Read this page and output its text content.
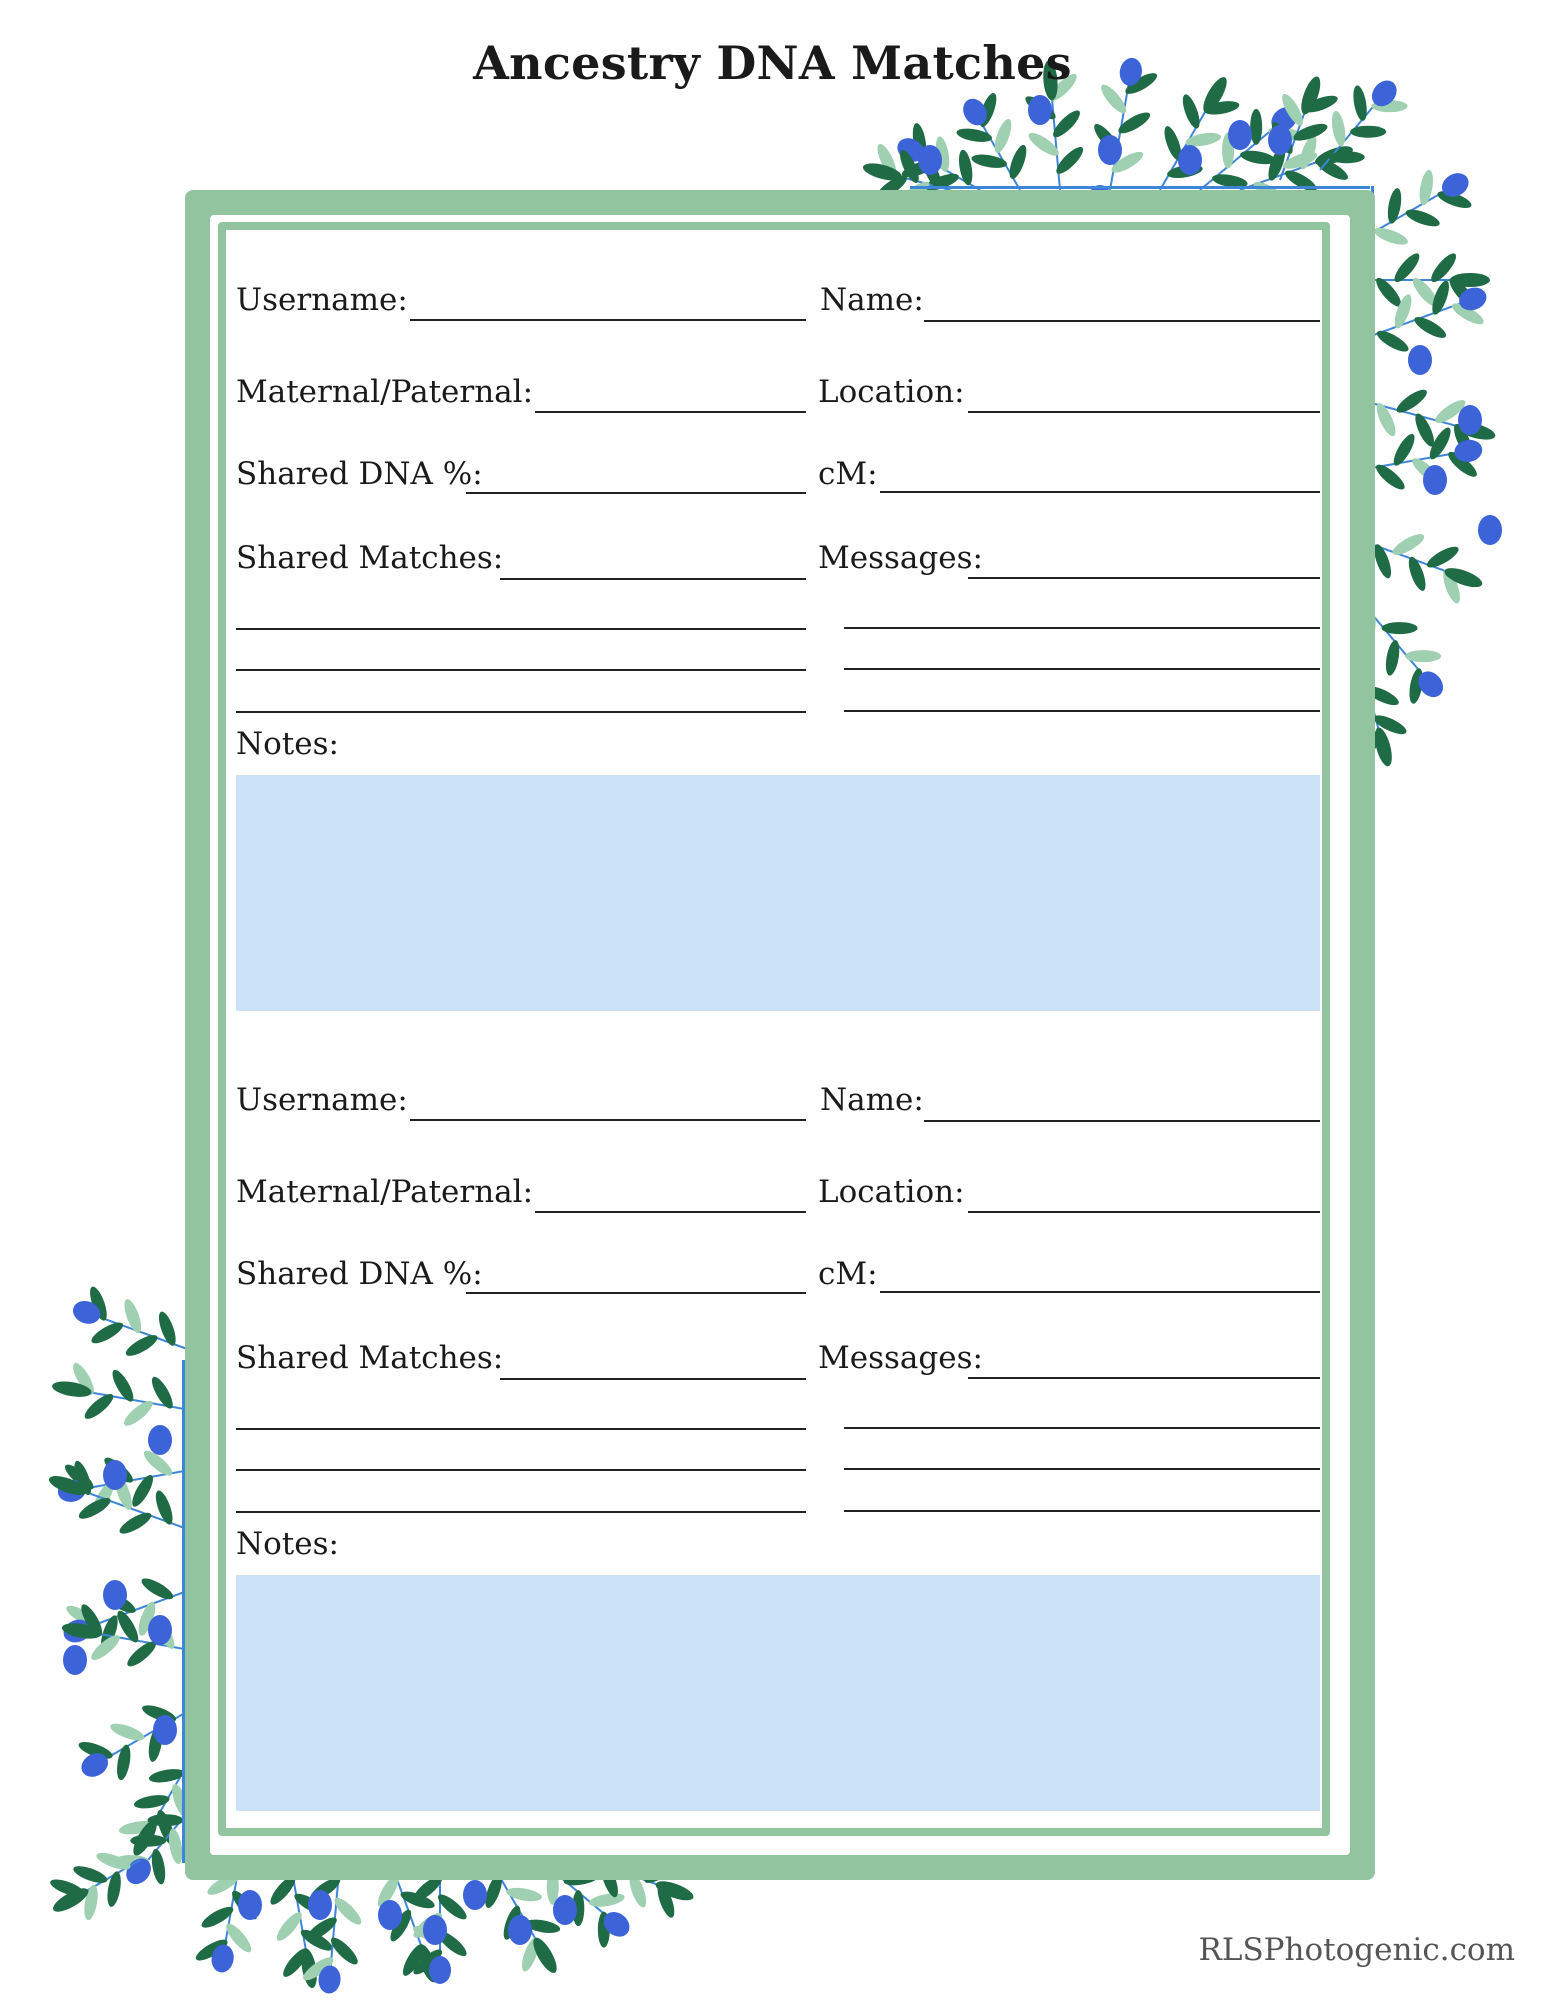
Ancestry DNA Matches
Username:	Name:
Maternal/Paternal:	Location:
Shared DNA %:	cM:
Shared Matches:	Messages:
Notes:
Username:	Name:
Maternal/Paternal:	Location:
Shared DNA %:	cM:
Shared Matches:	Messages:
Notes:
RLSPhotogenic.com
